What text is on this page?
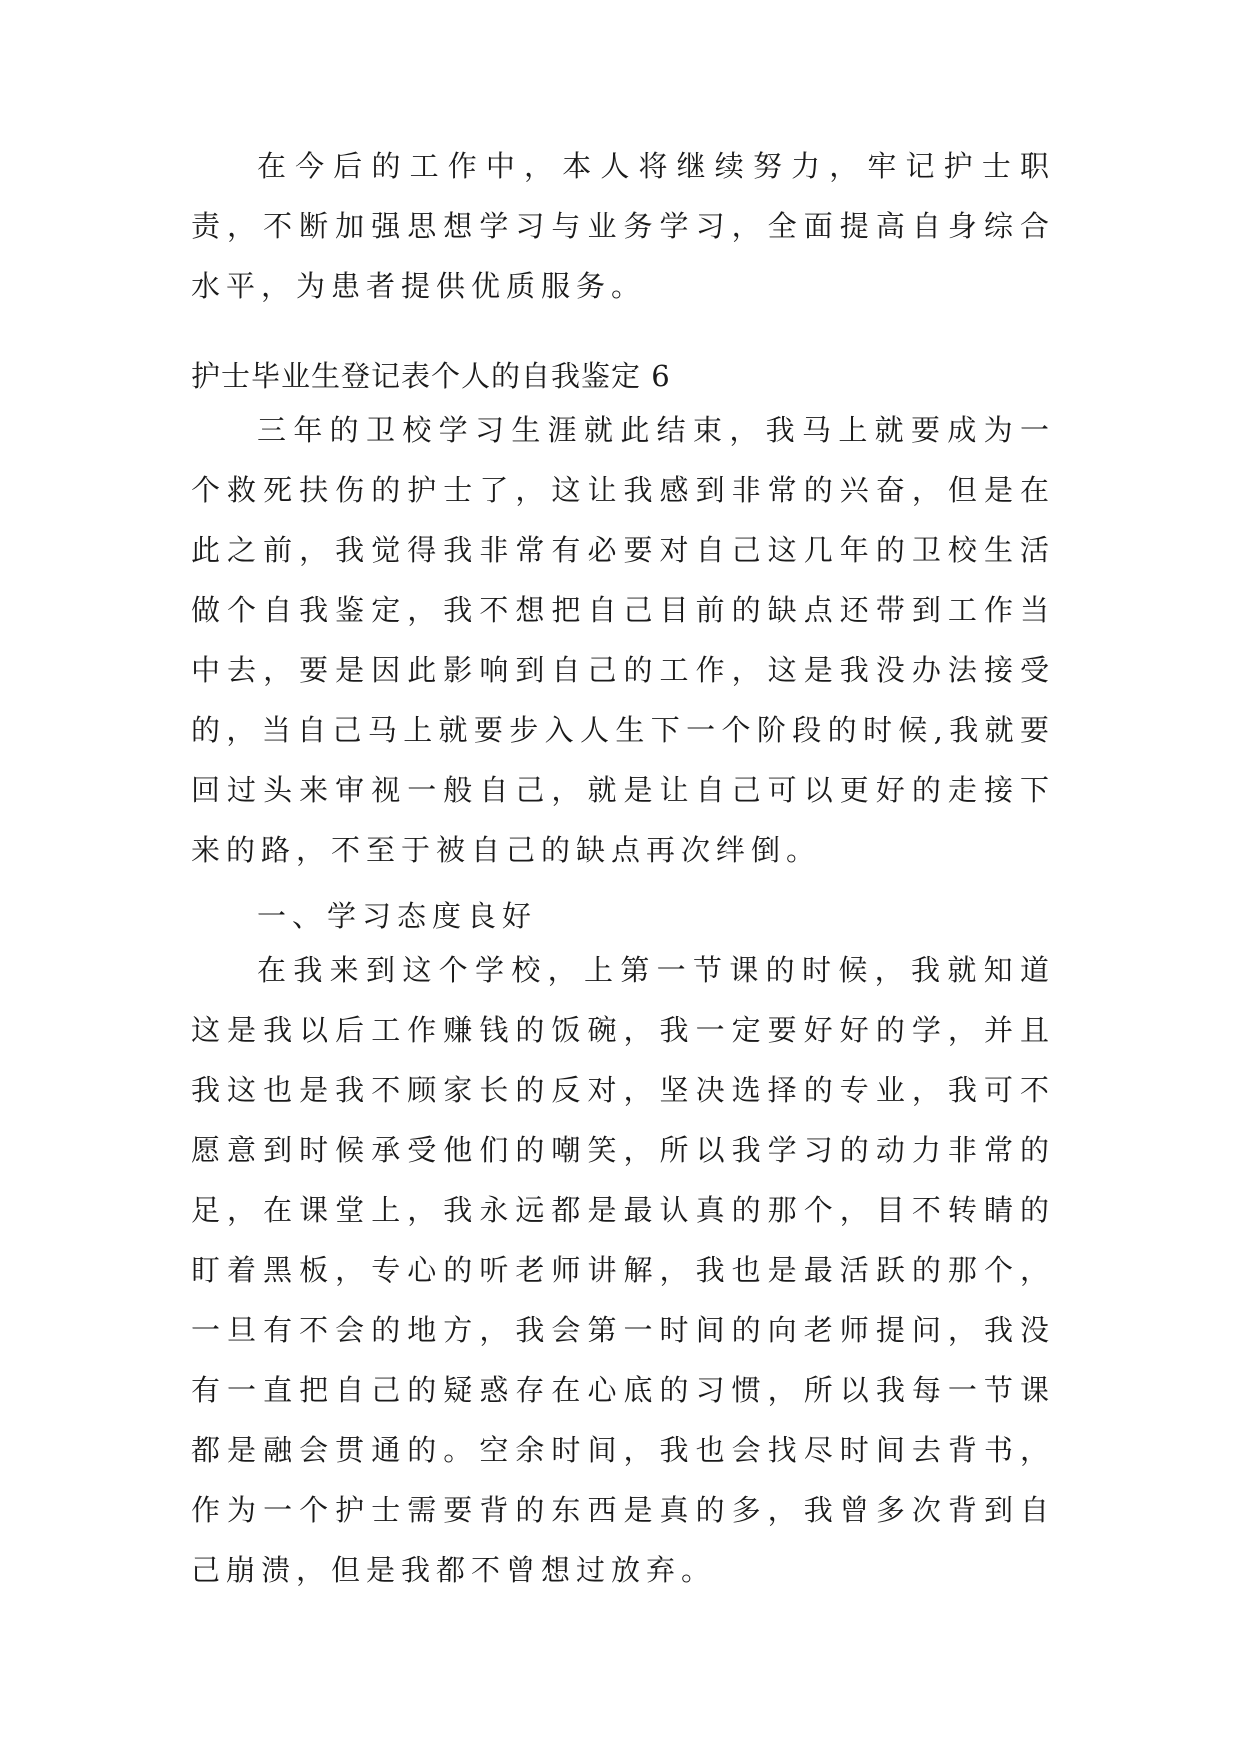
在今后的工作中，本人将继续努力，牢记护士职责，不断加强思想学习与业务学习，全面提高自身综合水平，为患者提供优质服务。

护士毕业生登记表个人的自我鉴定 6

三年的卫校学习生涯就此结束，我马上就要成为一个救死扶伤的护士了，这让我感到非常的兴奋，但是在此之前，我觉得我非常有必要对自己这几年的卫校生活做个自我鉴定，我不想把自己目前的缺点还带到工作当中去，要是因此影响到自己的工作，这是我没办法接受的，当自己马上就要步入人生下一个阶段的时候,我就要回过头来审视一般自己，就是让自己可以更好的走接下来的路，不至于被自己的缺点再次绊倒。

一、学习态度良好

在我来到这个学校，上第一节课的时候，我就知道这是我以后工作赚钱的饭碗，我一定要好好的学，并且我这也是我不顾家长的反对，坚决选择的专业，我可不愿意到时候承受他们的嘲笑，所以我学习的动力非常的足，在课堂上，我永远都是最认真的那个，目不转睛的盯着黑板，专心的听老师讲解，我也是最活跃的那个，一旦有不会的地方，我会第一时间的向老师提问，我没有一直把自己的疑惑存在心底的习惯，所以我每一节课都是融会贯通的。空余时间，我也会找尽时间去背书，作为一个护士需要背的东西是真的多，我曾多次背到自己崩溃，但是我都不曾想过放弃。
